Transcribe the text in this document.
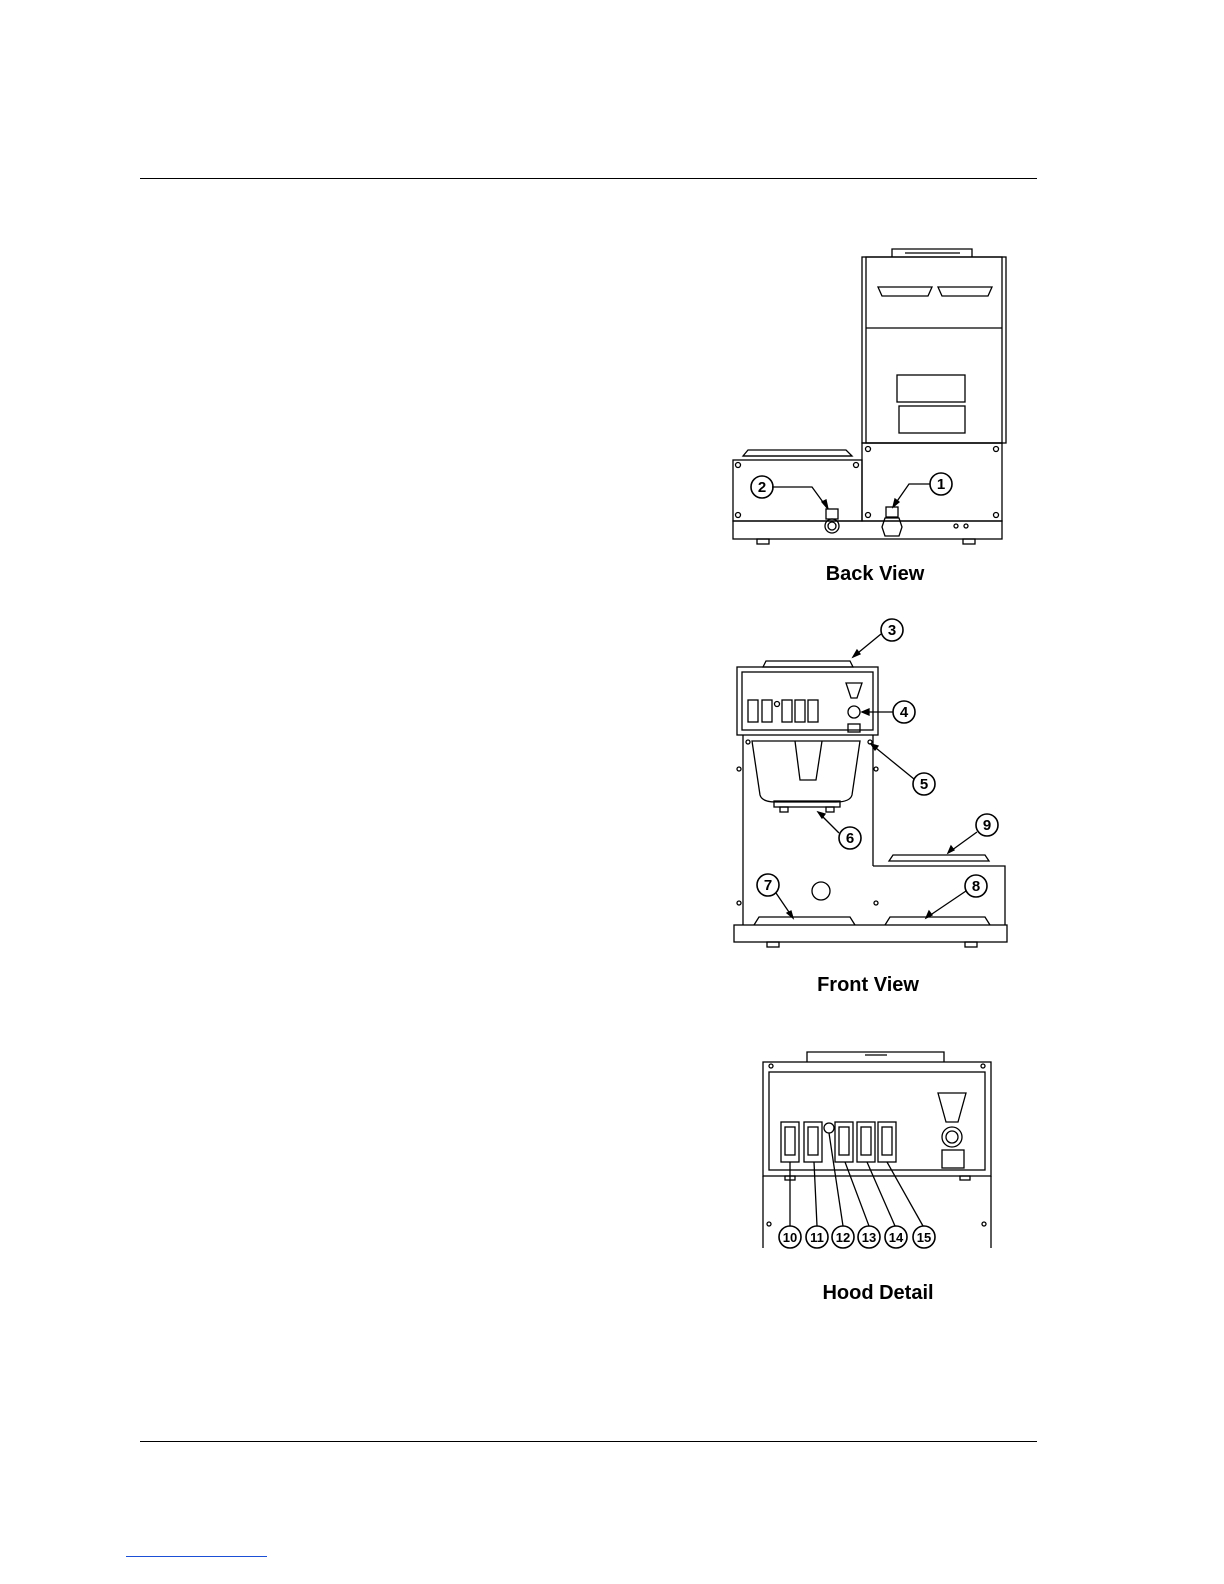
1
2
Back View
3
4
5
6
7	8
9
Front View
10 11 12 13 14 15
Hood Detail
